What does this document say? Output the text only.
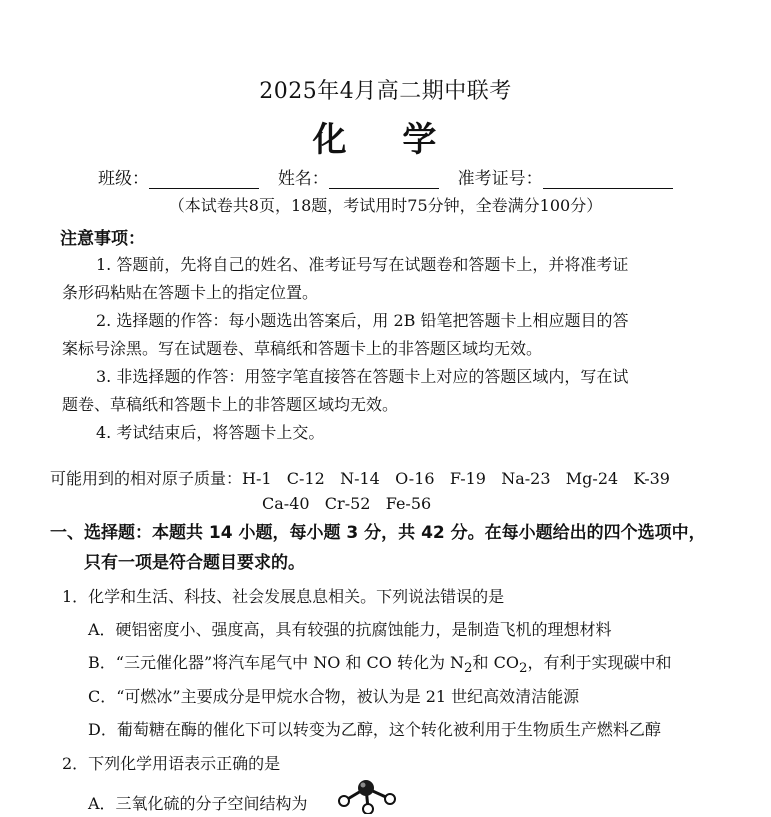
2025年4月高二期中联考
化 学
班级：	姓名：	准考证号：
（本试卷共8页，18题，考试用时75分钟，全卷满分100分）
注意事项：
1. 答题前，先将自己的姓名、准考证号写在试题卷和答题卡上，并将准考证
条形码粘贴在答题卡上的指定位置。
2. 选择题的作答：每小题选出答案后，用 2B 铅笔把答题卡上相应题目的答
案标号涂黑。写在试题卷、草稿纸和答题卡上的非答题区域均无效。
3. 非选择题的作答：用签字笔直接答在答题卡上对应的答题区域内，写在试
题卷、草稿纸和答题卡上的非答题区域均无效。
4. 考试结束后，将答题卡上交。
可能用到的相对原子质量：H-1   C-12   N-14   O-16   F-19   Na-23   Mg-24   K-39
Ca-40   Cr-52   Fe-56
一、选择题：本题共 14 小题，每小题 3 分，共 42 分。在每小题给出的四个选项中，
只有一项是符合题目要求的。
1．化学和生活、科技、社会发展息息相关。下列说法错误的是
A．硬铝密度小、强度高，具有较强的抗腐蚀能力，是制造飞机的理想材料
B．“三元催化器”将汽车尾气中 NO 和 CO 转化为 $N_2$和 $CO_2$，有利于实现碳中和
C．“可燃冰”主要成分是甲烷水合物，被认为是 21 世纪高效清洁能源
D．葡萄糖在酶的催化下可以转变为乙醇，这个转化被利用于生物质生产燃料乙醇
2．下列化学用语表示正确的是
A．三氧化硫的分子空间结构为
